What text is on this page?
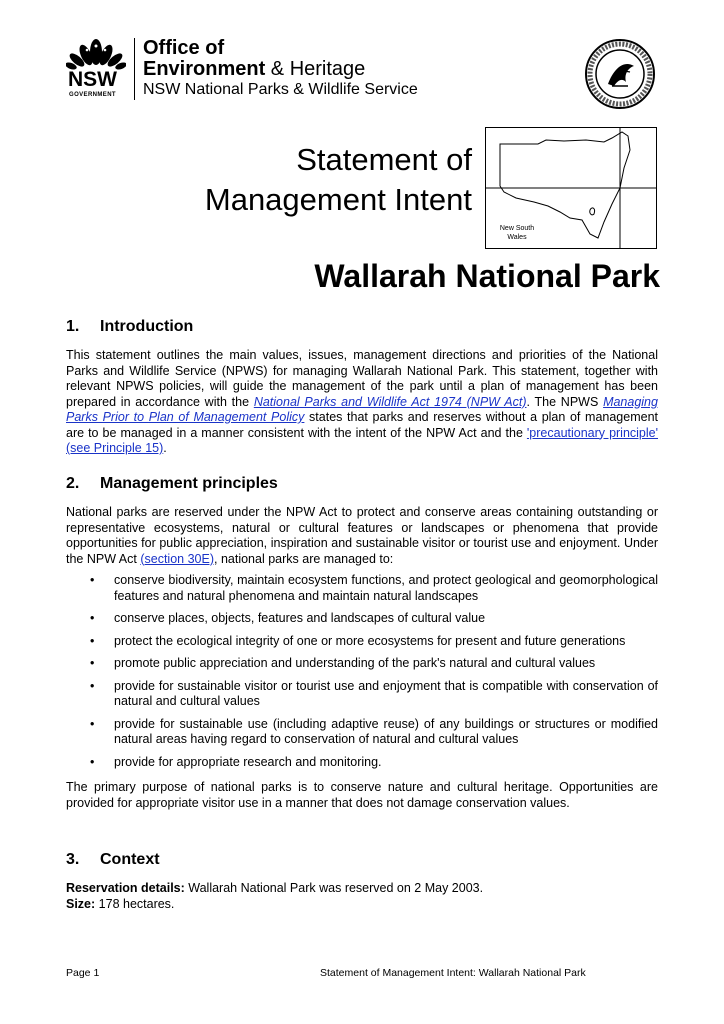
NSW
GOVERNMENT
Office of
Environment & Heritage
NSW National Parks & Wildlife Service
Statement of
Management Intent
New South Wales
Wallarah National Park
1.	Introduction

This statement outlines the main values, issues, management directions and priorities of the National Parks and Wildlife Service (NPWS) for managing Wallarah National Park. This statement, together with relevant NPWS policies, will guide the management of the park until a plan of management has been prepared in accordance with the National Parks and Wildlife Act 1974 (NPW Act). The NPWS Managing Parks Prior to Plan of Management Policy states that parks and reserves without a plan of management are to be managed in a manner consistent with the intent of the NPW Act and the 'precautionary principle' (see Principle 15).

2.	Management principles

National parks are reserved under the NPW Act to protect and conserve areas containing outstanding or representative ecosystems, natural or cultural features or landscapes or phenomena that provide opportunities for public appreciation, inspiration and sustainable visitor or tourist use and enjoyment. Under the NPW Act (section 30E), national parks are managed to:

• conserve biodiversity, maintain ecosystem functions, and protect geological and geomorphological features and natural phenomena and maintain natural landscapes
• conserve places, objects, features and landscapes of cultural value
• protect the ecological integrity of one or more ecosystems for present and future generations
• promote public appreciation and understanding of the park's natural and cultural values
• provide for sustainable visitor or tourist use and enjoyment that is compatible with conservation of natural and cultural values
• provide for sustainable use (including adaptive reuse) of any buildings or structures or modified natural areas having regard to conservation of natural and cultural values
• provide for appropriate research and monitoring.

The primary purpose of national parks is to conserve nature and cultural heritage. Opportunities are provided for appropriate visitor use in a manner that does not damage conservation values.

3.	Context

Reservation details: Wallarah National Park was reserved on 2 May 2003.

Size: 178 hectares.

Page 1	Statement of Management Intent: Wallarah National Park
